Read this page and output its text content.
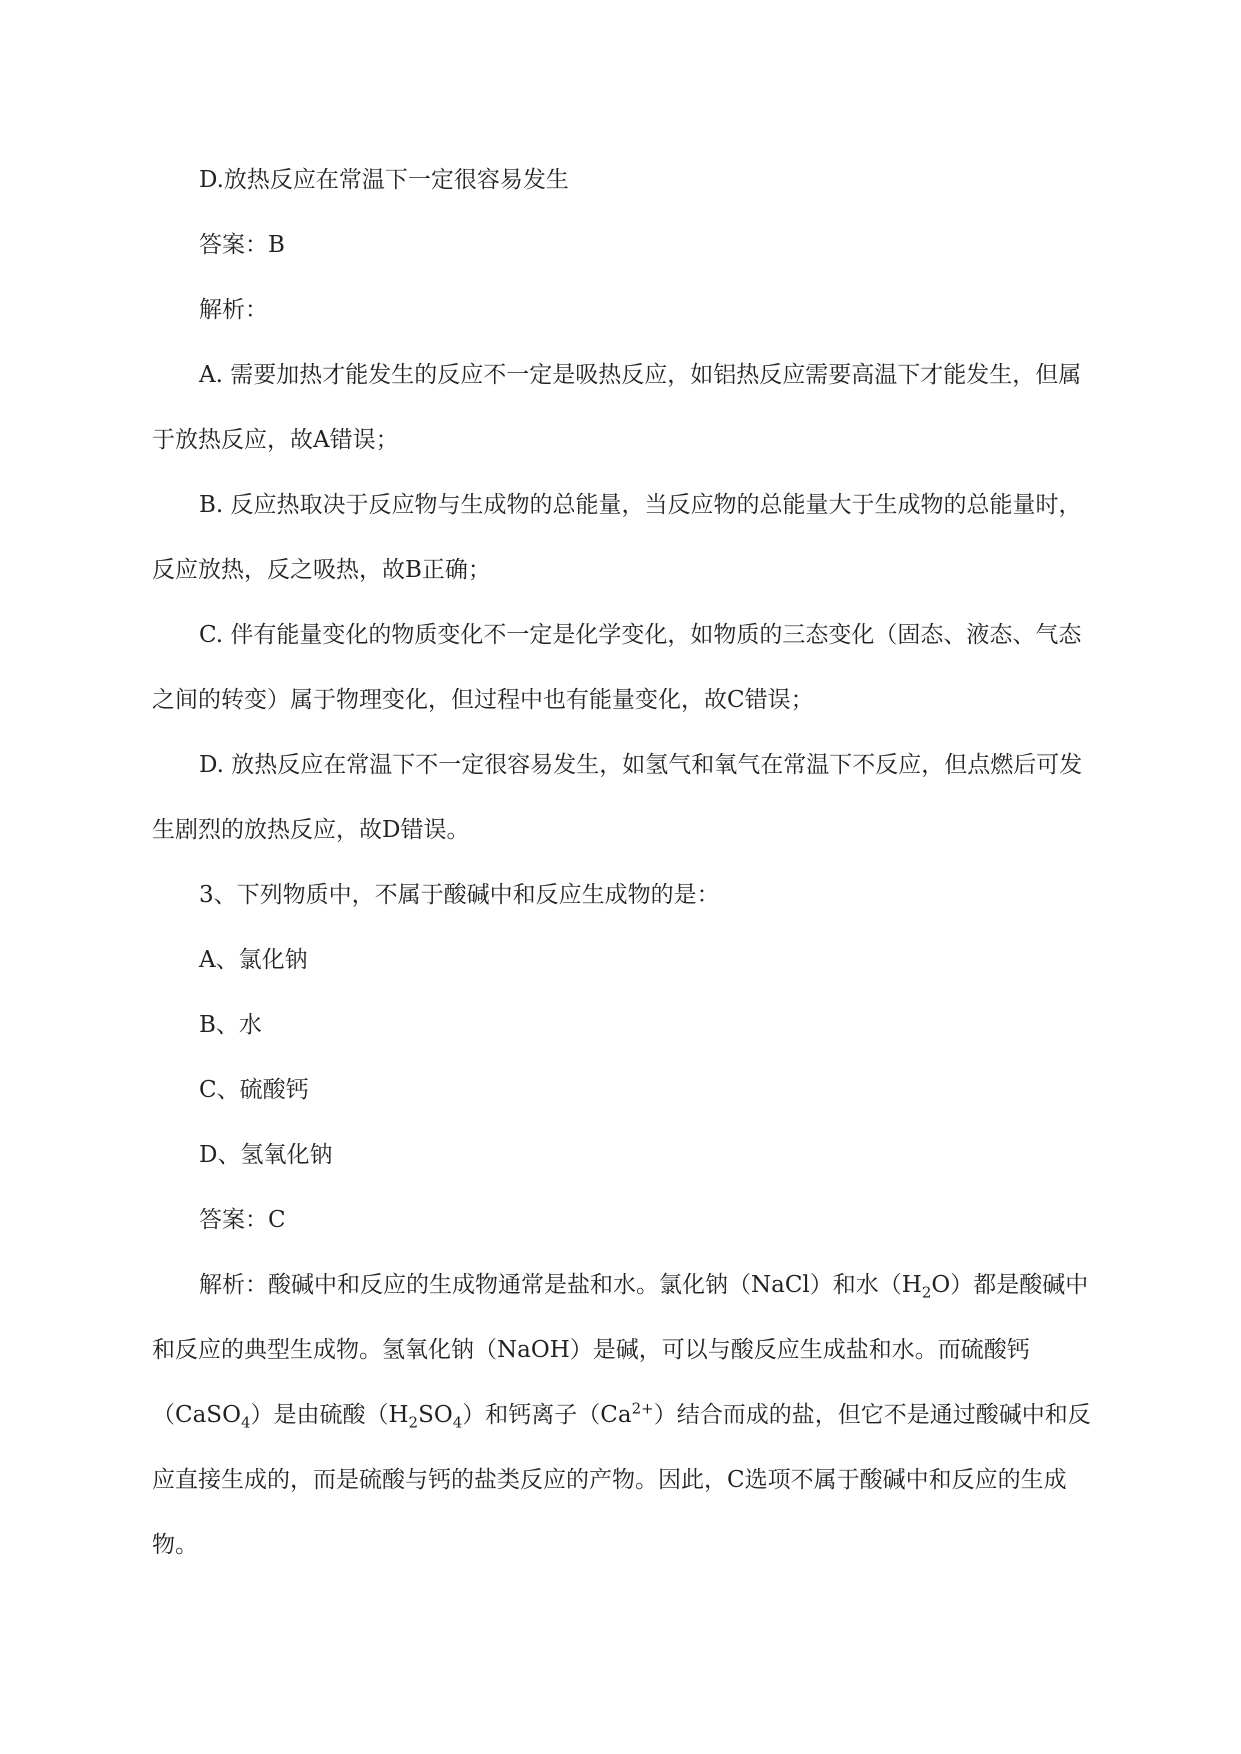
D.放热反应在常温下一定很容易发生

答案：B

解析：

A. 需要加热才能发生的反应不一定是吸热反应，如铝热反应需要高温下才能发生，但属于放热反应，故A错误；

B. 反应热取决于反应物与生成物的总能量，当反应物的总能量大于生成物的总能量时，反应放热，反之吸热，故B正确；

C. 伴有能量变化的物质变化不一定是化学变化，如物质的三态变化（固态、液态、气态之间的转变）属于物理变化，但过程中也有能量变化，故C错误；

D. 放热反应在常温下不一定很容易发生，如氢气和氧气在常温下不反应，但点燃后可发生剧烈的放热反应，故D错误。

3、下列物质中，不属于酸碱中和反应生成物的是：

A、氯化钠

B、水

C、硫酸钙

D、氢氧化钠

答案：C

解析：酸碱中和反应的生成物通常是盐和水。氯化钠（NaCl）和水$(H_2O)$都是酸碱中和反应的典型生成物。氢氧化钠（NaOH）是碱，可以与酸反应生成盐和水。而硫酸钙（CaSO$_4$）是由硫酸$(H_2SO_4)$和钙离子$(Ca^{2+})$结合而成的盐，但它不是通过酸碱中和反应直接生成的，而是硫酸与钙的盐类反应的产物。因此，C选项不属于酸碱中和反应的生成物。
